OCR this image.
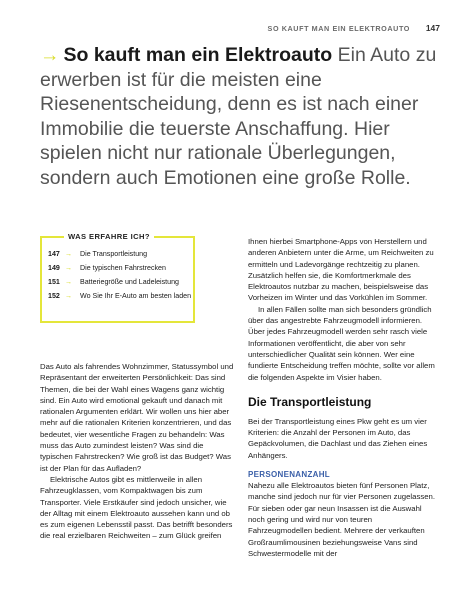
SO KAUFT MAN EIN ELEKTROAUTO 147
→ So kauft man ein Elektroauto Ein Auto zu erwerben ist für die meisten eine Riesenentscheidung, denn es ist nach einer Immobilie die teuerste Anschaffung. Hier spielen nicht nur rationale Überlegungen, sondern auch Emotionen eine große Rolle.
WAS ERFAHRE ICH?
147 → Die Transportleistung
149 → Die typischen Fahrstrecken
151 → Batteriegröße und Ladeleistung
152 → Wo Sie Ihr E-Auto am besten laden

Das Auto als fahrendes Wohnzimmer, Statussymbol und Repräsentant der erweiterten Persönlichkeit: Das sind Themen, die bei der Wahl eines Wagens ganz wichtig sind. Ein Auto wird emotional gekauft und danach mit rationalen Argumenten erklärt. Wir wollen uns hier aber mehr auf die rationalen Kriterien konzentrieren, und das bedeutet, vier wesentliche Fragen zu behandeln: Was muss das Auto zumindest leisten? Was sind die typischen Fahrstrecken? Wie groß ist das Budget? Was ist der Plan für das Aufladen?

Elektrische Autos gibt es mittlerweile in allen Fahrzeugklassen, vom Kompaktwagen bis zum Transporter. Viele Erstkäufer sind jedoch unsicher, wie der Alltag mit einem Elektroauto aussehen kann und ob es zum eigenen Lebensstil passt. Das betrifft besonders die real erzielbaren Reichweiten – zum Glück greifen

Ihnen hierbei Smartphone-Apps von Herstellern und anderen Anbietern unter die Arme, um Reichweiten zu ermitteln und Ladevorgänge rechtzeitig zu planen. Zusätzlich helfen sie, die Komfortmerkmale des Elektroautos nutzbar zu machen, beispielsweise das Vorheizen im Winter und das Vorkühlen im Sommer.

In allen Fällen sollte man sich besonders gründlich über das angestrebte Fahrzeugmodell informieren. Über jedes Fahrzeugmodell werden sehr rasch viele Informationen veröffentlicht, die aber von sehr unterschiedlicher Qualität sein können. Wer eine fundierte Entscheidung treffen möchte, sollte vor allem die folgenden Aspekte im Visier haben.

Die Transportleistung

Bei der Transportleistung eines Pkw geht es um vier Kriterien: die Anzahl der Personen im Auto, das Gepäckvolumen, die Dachlast und das Ziehen eines Anhängers.

PERSONENANZAHL

Nahezu alle Elektroautos bieten fünf Personen Platz, manche sind jedoch nur für vier Personen zugelassen. Für sieben oder gar neun Insassen ist die Auswahl noch gering und wird nur von teuren Fahrzeugmodellen bedient. Mehrere der verkauften Großraumlimousinen beziehungsweise Vans sind Schwestermodelle mit der
